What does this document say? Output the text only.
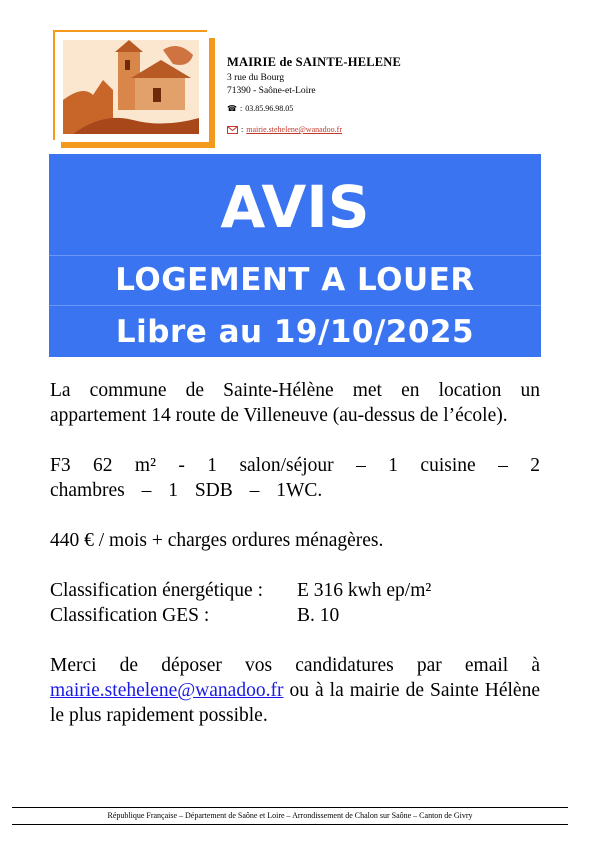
MAIRIE de SAINTE-HELENE
3 rue du Bourg
71390 - Saône-et-Loire
☎ : 03.85.96.98.05
: mairie.stehelene@wanadoo.fr
AVIS
LOGEMENT A LOUER
Libre au 19/10/2025

La commune de Sainte-Hélène met en location un appartement 14 route de Villeneuve (au-dessus de l’école).

F3 62 m² - 1 salon/séjour – 1 cuisine – 2 chambres – 1 SDB – 1WC.

440 € / mois + charges ordures ménagères.

Classification énergétique :	E 316 kwh ep/m²
Classification GES :	B. 10

Merci de déposer vos candidatures par email à mairie.stehelene@wanadoo.fr ou à la mairie de Sainte Hélène le plus rapidement possible.

République Française – Département de Saône et Loire – Arrondissement de Chalon sur Saône – Canton de Givry
